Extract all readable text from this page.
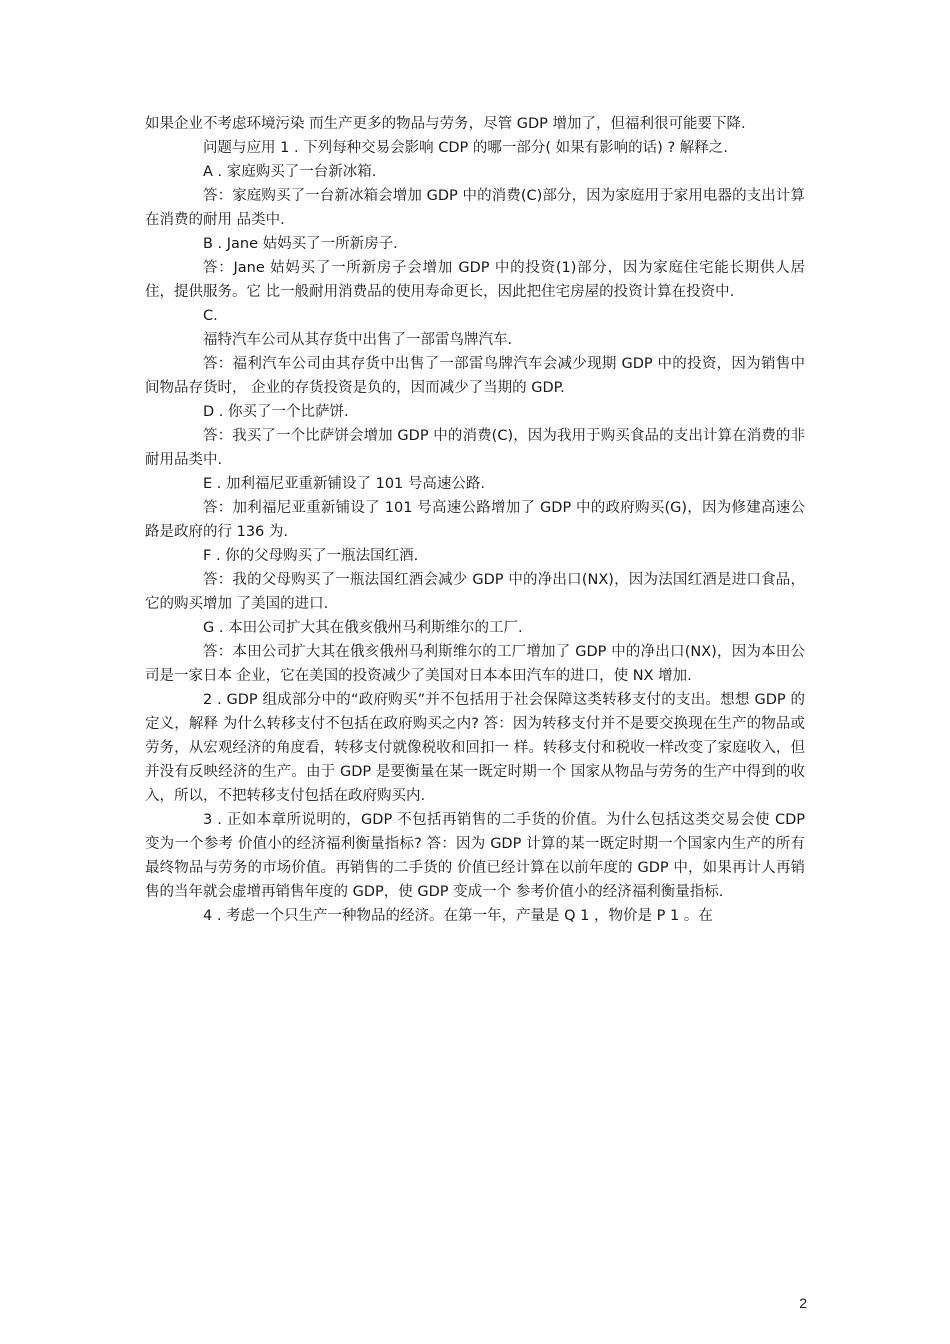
如果企业不考虑环境污染 而生产更多的物品与劳务，尽管 GDP 增加了，但福利很可能要下降.

问题与应用 1 . 下列每种交易会影响 CDP 的哪一部分( 如果有影响的话) ? 解释之.

A . 家庭购买了一台新冰箱.

答：家庭购买了一台新冰箱会增加 GDP 中的消费(C)部分，因为家庭用于家用电器的支出计算在消费的耐用 品类中.

B . Jane 姑妈买了一所新房子.

答：Jane 姑妈买了一所新房子会增加 GDP 中的投资(1)部分，因为家庭住宅能长期供人居住，提供服务。它 比一般耐用消费品的使用寿命更长，因此把住宅房屋的投资计算在投资中.

C.

福特汽车公司从其存货中出售了一部雷鸟牌汽车.

答：福利汽车公司由其存货中出售了一部雷鸟牌汽车会减少现期 GDP 中的投资，因为销售中间物品存货时， 企业的存货投资是负的，因而减少了当期的 GDP.

D . 你买了一个比萨饼.

答：我买了一个比萨饼会增加 GDP 中的消费(C)，因为我用于购买食品的支出计算在消费的非耐用品类中.

E . 加利福尼亚重新铺设了 101 号高速公路.

答：加利福尼亚重新铺设了 101 号高速公路增加了 GDP 中的政府购买(G)，因为修建高速公路是政府的行 136 为.

F . 你的父母购买了一瓶法国红酒.

答：我的父母购买了一瓶法国红酒会减少 GDP 中的净出口(NX)，因为法国红酒是进口食品，它的购买增加 了美国的进口.

G . 本田公司扩大其在俄亥俄州马利斯维尔的工厂.

答：本田公司扩大其在俄亥俄州马利斯维尔的工厂增加了 GDP 中的净出口(NX)，因为本田公司是一家日本 企业，它在美国的投资减少了美国对日本本田汽车的进口，使 NX 增加.

2 . GDP 组成部分中的“政府购买”并不包括用于社会保障这类转移支付的支出。想想 GDP 的定义，解释 为什么转移支付不包括在政府购买之内? 答：因为转移支付并不是要交换现在生产的物品或劳务，从宏观经济的角度看，转移支付就像税收和回扣一 样。转移支付和税收一样改变了家庭收入，但并没有反映经济的生产。由于 GDP 是要衡量在某一既定时期一个 国家从物品与劳务的生产中得到的收入，所以，不把转移支付包括在政府购买内.

3 . 正如本章所说明的，GDP 不包括再销售的二手货的价值。为什么包括这类交易会使 CDP 变为一个参考 价值小的经济福利衡量指标? 答：因为 GDP 计算的某一既定时期一个国家内生产的所有最终物品与劳务的市场价值。再销售的二手货的 价值已经计算在以前年度的 GDP 中，如果再计人再销售的当年就会虚增再销售年度的 GDP，使 GDP 变成一个 参考价值小的经济福利衡量指标.

4 . 考虑一个只生产一种物品的经济。在第一年，产量是 Q 1 ，物价是 P 1 。在

2
